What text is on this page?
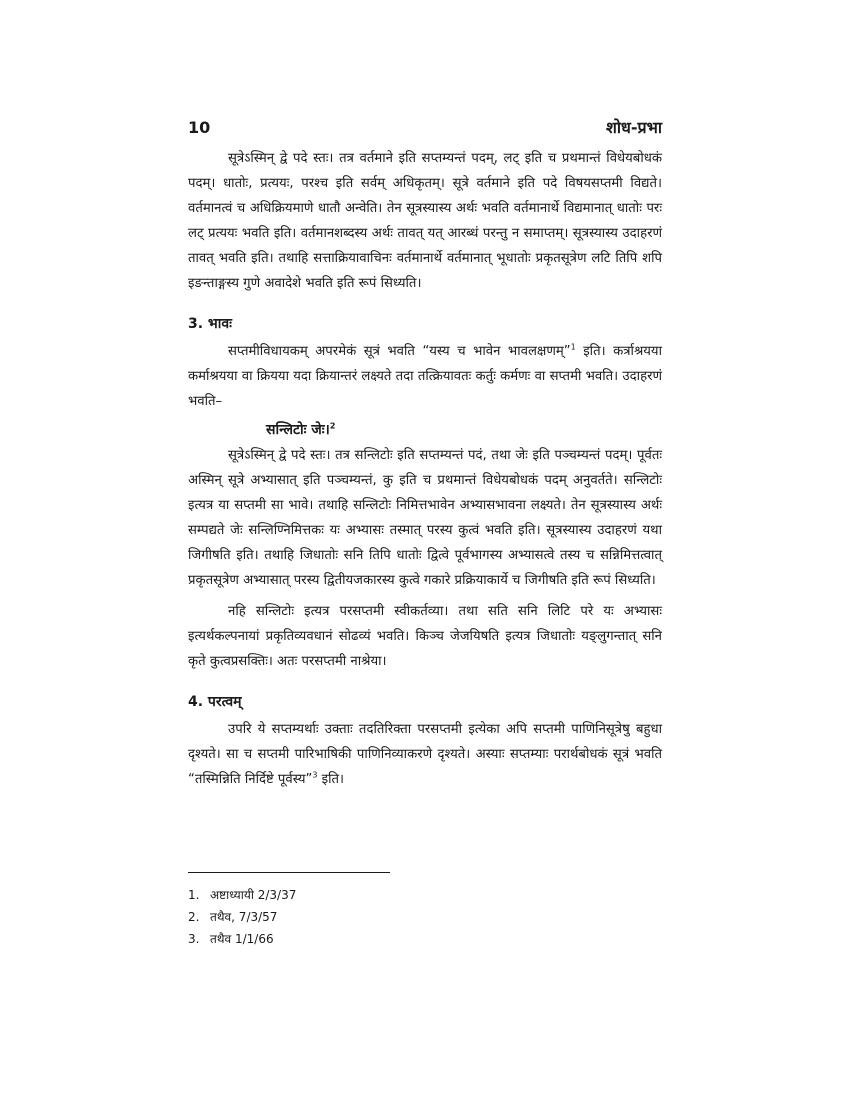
10	शोध-प्रभा

सूत्रेऽस्मिन् द्वे पदे स्तः। तत्र वर्तमाने इति सप्तम्यन्तं पदम्, लट् इति च प्रथमान्तं विधेयबोधकं पदम्। धातोः, प्रत्ययः, परश्च इति सर्वम् अधिकृतम्। सूत्रे वर्तमाने इति पदे विषयसप्तमी विद्यते। वर्तमानत्वं च अधिक्रियमाणे धातौ अन्वेति। तेन सूत्रस्यास्य अर्थः भवति वर्तमानार्थे विद्यमानात् धातोः परः लट् प्रत्ययः भवति इति। वर्तमानशब्दस्य अर्थः तावत् यत् आरब्धं परन्तु न समाप्तम्। सूत्रस्यास्य उदाहरणं तावत् भवति इति। तथाहि सत्ताक्रियावाचिनः वर्तमानार्थे वर्तमानात् भूधातोः प्रकृतसूत्रेण लटि तिपि शपि इङन्ताङ्गस्य गुणे अवादेशे भवति इति रूपं सिध्यति।

3. भावः

सप्तमीविधायकम् अपरमेकं सूत्रं भवति “यस्य च भावेन भावलक्षणम्”$^1$ इति। कर्त्राश्रयया कर्माश्रयया वा क्रियया यदा क्रियान्तरं लक्ष्यते तदा तत्क्रियावतः कर्तुः कर्मणः वा सप्तमी भवति। उदाहरणं भवति–

सन्लिटोः जेः।$^2$

सूत्रेऽस्मिन् द्वे पदे स्तः। तत्र सन्लिटोः इति सप्तम्यन्तं पदं, तथा जेः इति पञ्चम्यन्तं पदम्। पूर्वतः अस्मिन् सूत्रे अभ्यासात् इति पञ्चम्यन्तं, कु इति च प्रथमान्तं विधेयबोधकं पदम् अनुवर्तते। सन्लिटोः इत्यत्र या सप्तमी सा भावे। तथाहि सन्लिटोः निमित्तभावेन अभ्यासभावना लक्ष्यते। तेन सूत्रस्यास्य अर्थः सम्पद्यते जेः सन्लिण्निमित्तकः यः अभ्यासः तस्मात् परस्य कुत्वं भवति इति। सूत्रस्यास्य उदाहरणं यथा जिगीषति इति। तथाहि जिधातोः सनि तिपि धातोः द्वित्वे पूर्वभागस्य अभ्यासत्वे तस्य च सन्निमित्तत्वात् प्रकृतसूत्रेण अभ्यासात् परस्य द्वितीयजकारस्य कुत्वे गकारे प्रक्रियाकार्ये च जिगीषति इति रूपं सिध्यति।

नहि सन्लिटोः इत्यत्र परसप्तमी स्वीकर्तव्या। तथा सति सनि लिटि परे यः अभ्यासः इत्यर्थकल्पनायां प्रकृतिव्यवधानं सोढव्यं भवति। किञ्च जेजयिषति इत्यत्र जिधातोः यङ्लुगन्तात् सनि कृते कुत्वप्रसक्तिः। अतः परसप्तमी नाश्रेया।

4. परत्वम्

उपरि ये सप्तम्यर्थाः उक्ताः तदतिरिक्ता परसप्तमी इत्येका अपि सप्तमी पाणिनिसूत्रेषु बहुधा दृश्यते। सा च सप्तमी पारिभाषिकी पाणिनिव्याकरणे दृश्यते। अस्याः सप्तम्याः परार्थबोधकं सूत्रं भवति “तस्मिन्निति निर्दिष्टे पूर्वस्य”$^3$ इति।

1. अष्टाध्यायी 2/3/37
2. तथैव, 7/3/57
3. तथैव 1/1/66
